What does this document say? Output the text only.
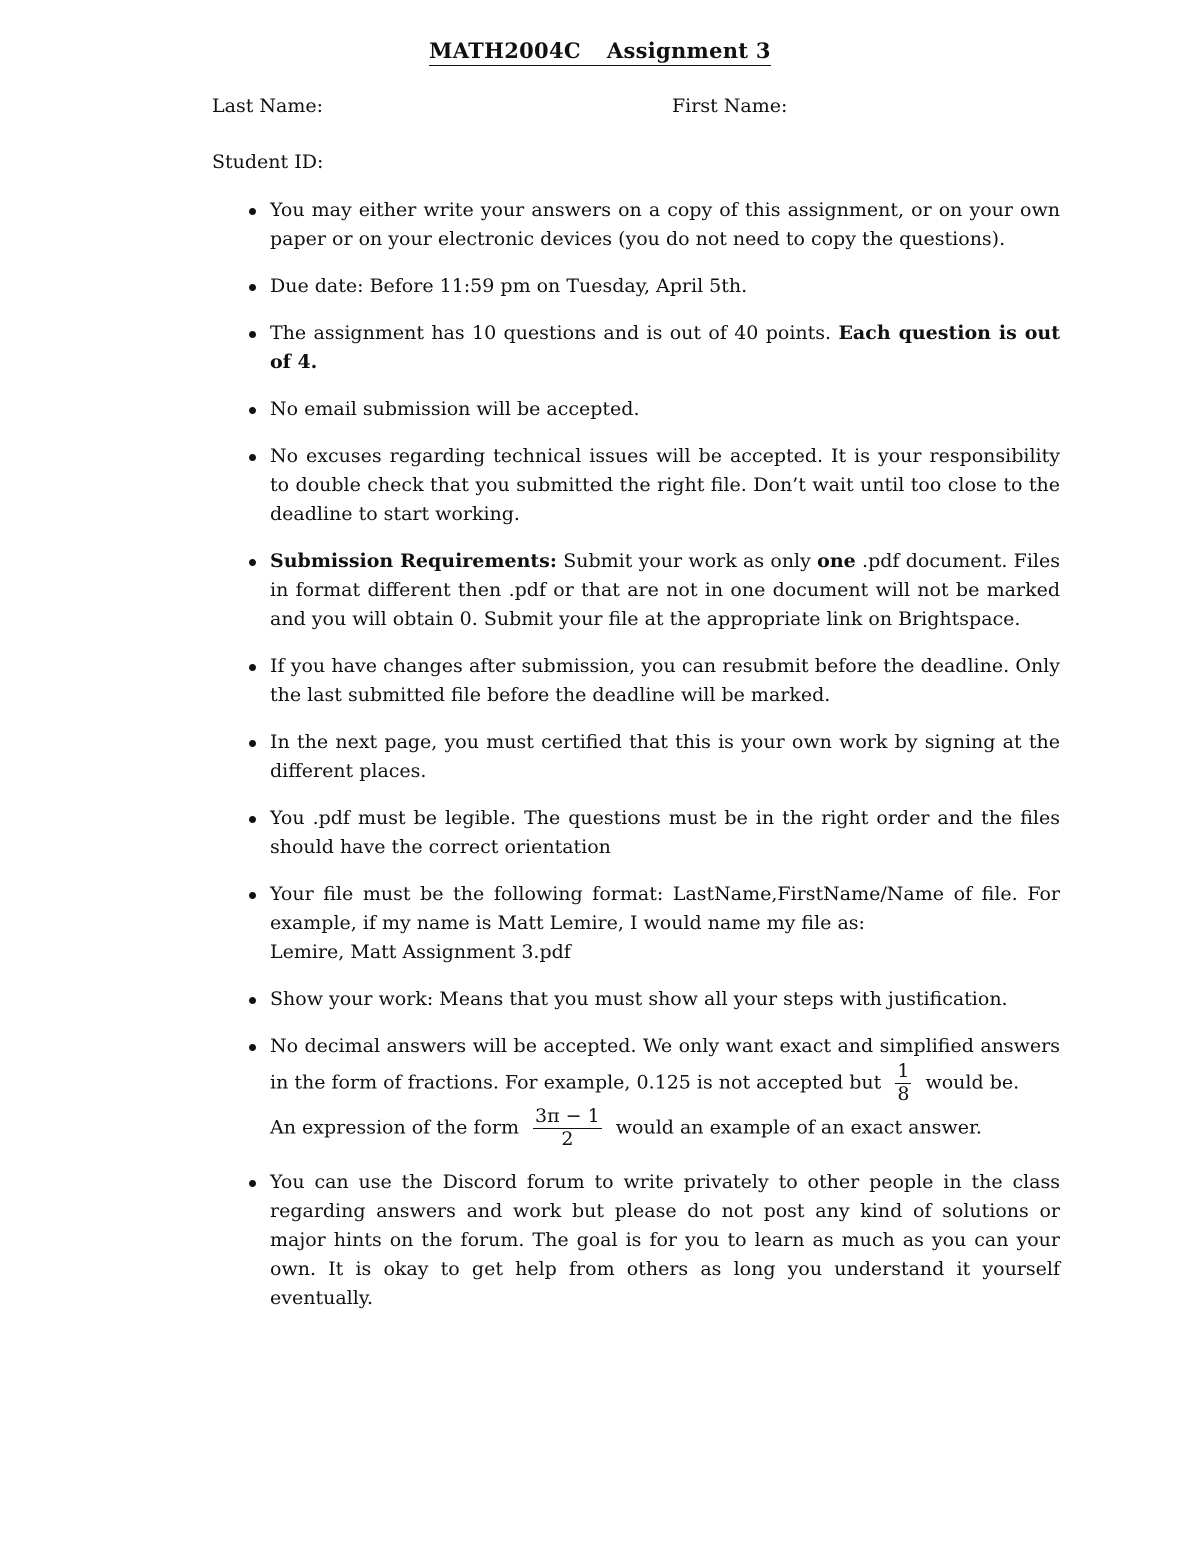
MATH2004C Assignment 3
Last Name:	First Name:
Student ID:
You may either write your answers on a copy of this assignment, or on your own paper or on your electronic devices (you do not need to copy the questions).
Due date: Before 11:59 pm on Tuesday, April 5th.
The assignment has 10 questions and is out of 40 points. Each question is out of 4.
No email submission will be accepted.
No excuses regarding technical issues will be accepted. It is your responsibility to double check that you submitted the right file. Don’t wait until too close to the deadline to start working.
Submission Requirements: Submit your work as only one .pdf document. Files in format different then .pdf or that are not in one document will not be marked and you will obtain 0. Submit your file at the appropriate link on Brightspace.
If you have changes after submission, you can resubmit before the deadline. Only the last submitted file before the deadline will be marked.
In the next page, you must certified that this is your own work by signing at the different places.
You .pdf must be legible. The questions must be in the right order and the files should have the correct orientation
Your file must be the following format: LastName,FirstName/Name of file. For example, if my name is Matt Lemire, I would name my file as:
Lemire, Matt Assignment 3.pdf
Show your work: Means that you must show all your steps with justification.
No decimal answers will be accepted. We only want exact and simplified answers in the form of fractions. For example, 0.125 is not accepted but $\frac{1}{8}$ would be.
An expression of the form $\frac{3\pi - 1}{2}$ would an example of an exact answer.
You can use the Discord forum to write privately to other people in the class regarding answers and work but please do not post any kind of solutions or major hints on the forum. The goal is for you to learn as much as you can your own. It is okay to get help from others as long you understand it yourself eventually.
